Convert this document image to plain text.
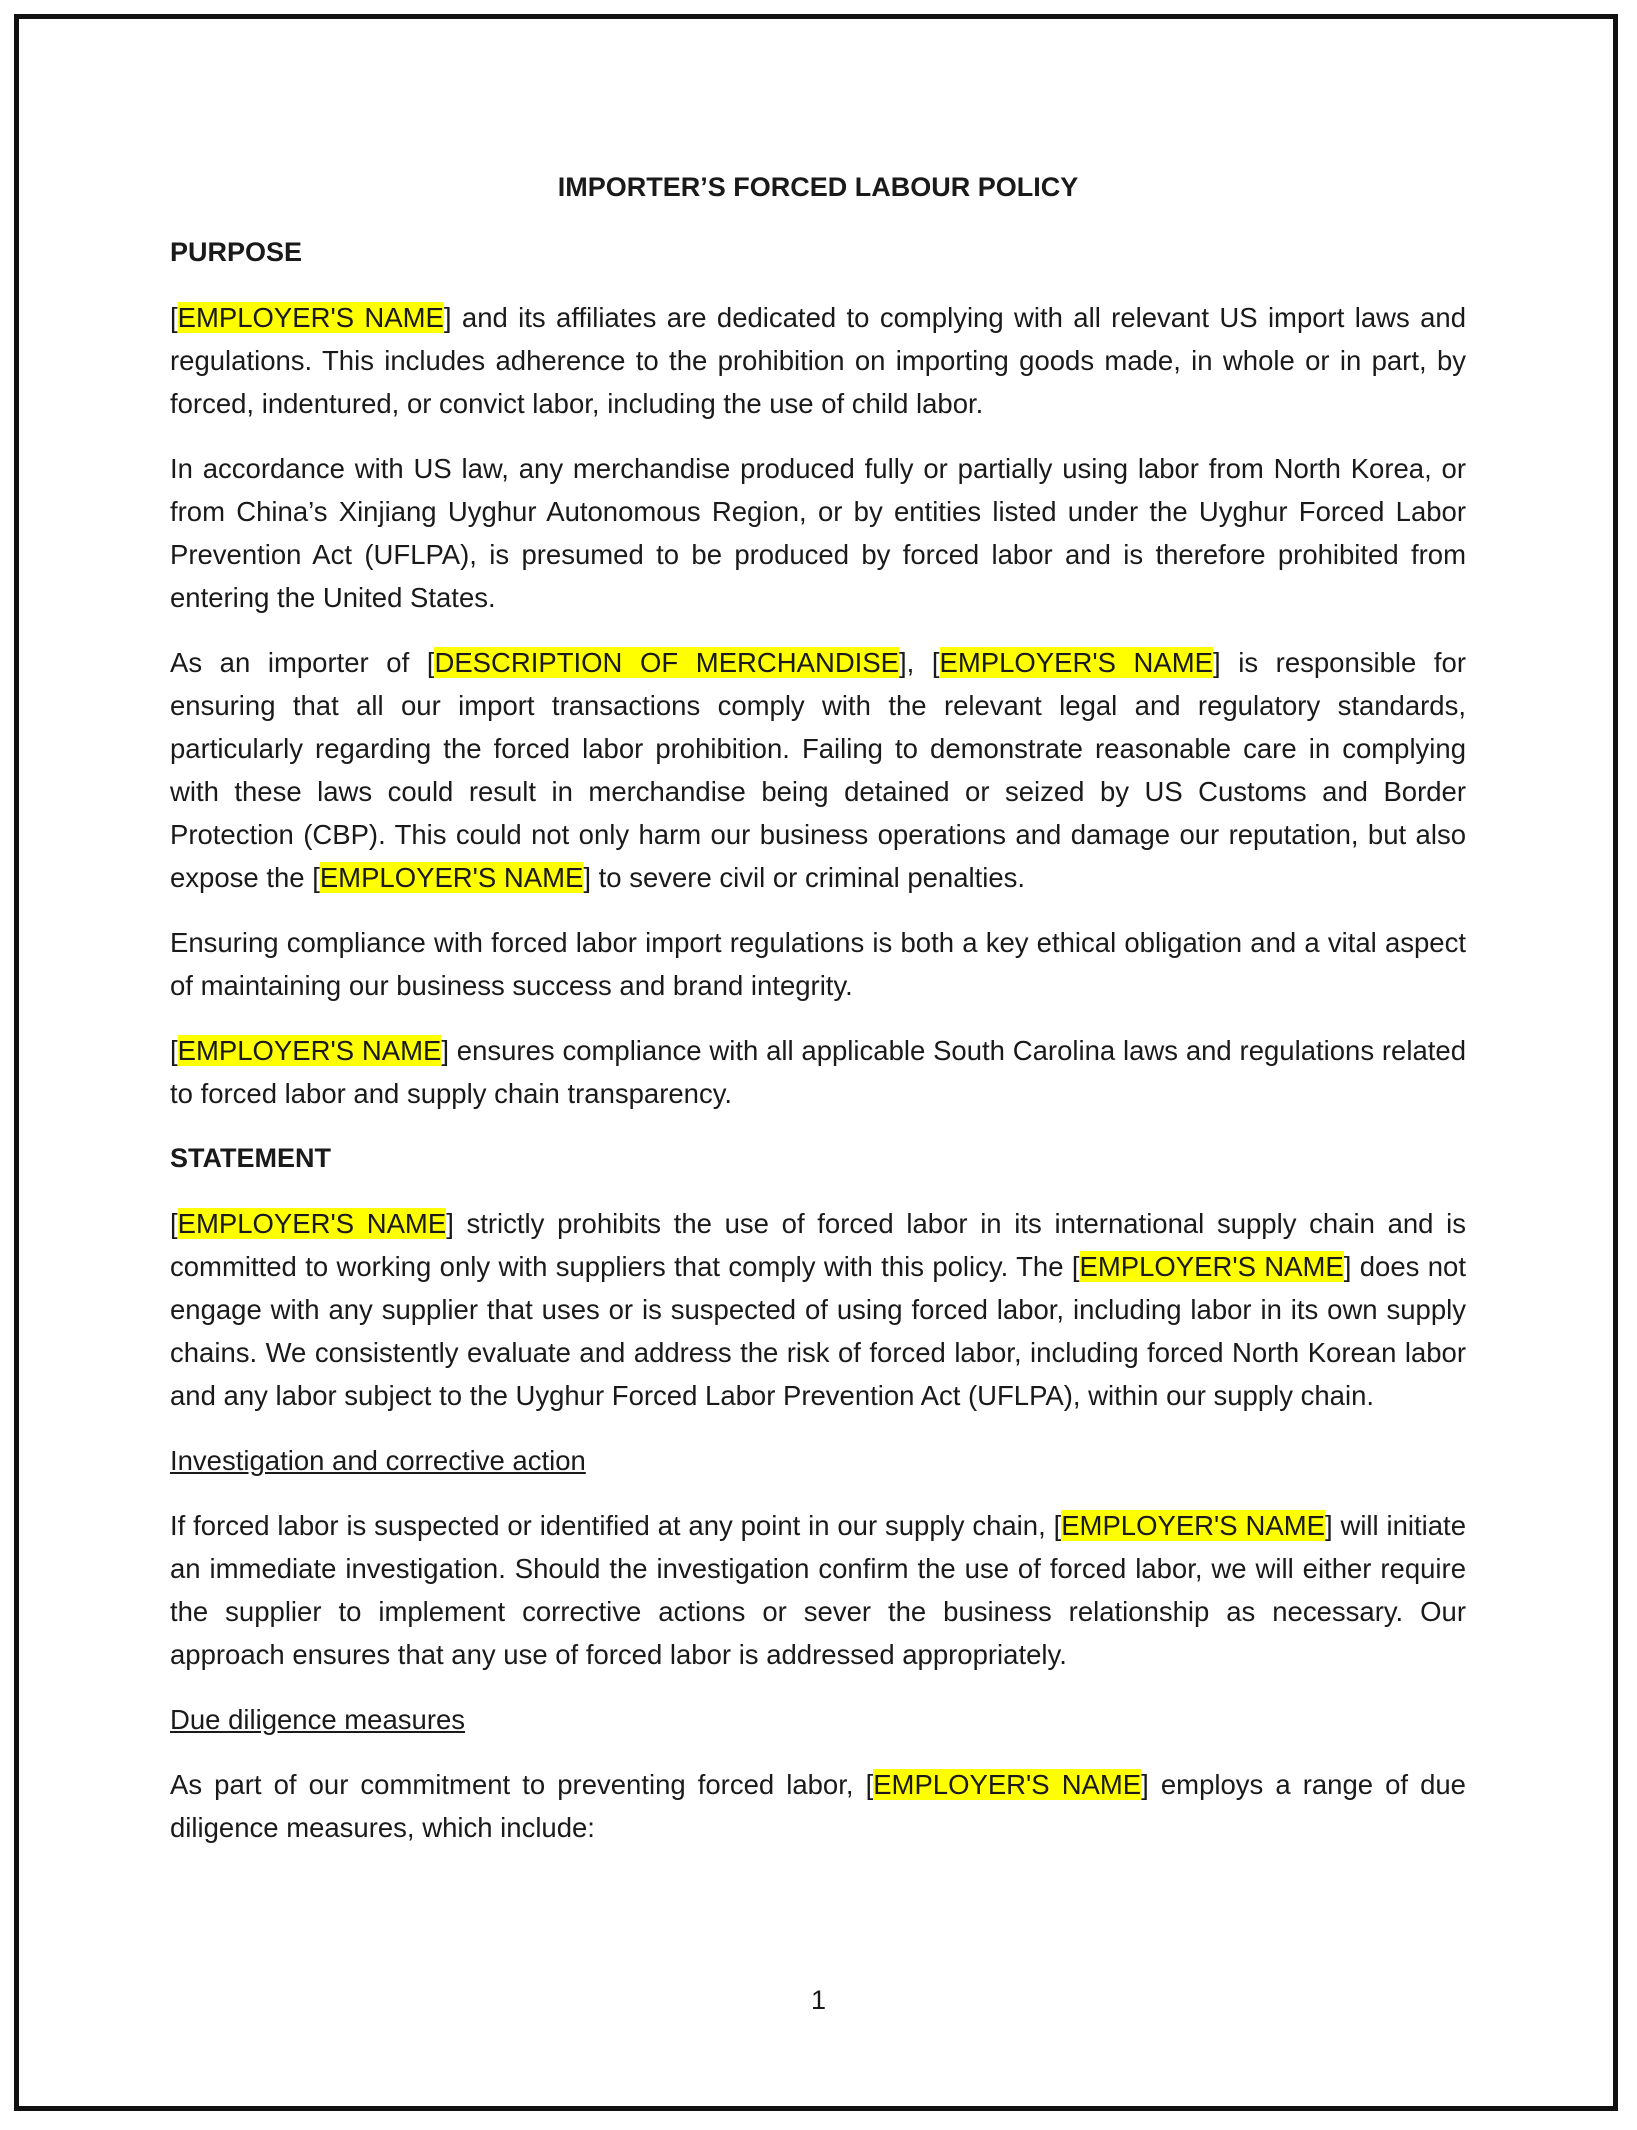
IMPORTER’S FORCED LABOUR POLICY
PURPOSE

[EMPLOYER'S NAME] and its affiliates are dedicated to complying with all relevant US import laws and regulations. This includes adherence to the prohibition on importing goods made, in whole or in part, by forced, indentured, or convict labor, including the use of child labor.

In accordance with US law, any merchandise produced fully or partially using labor from North Korea, or from China’s Xinjiang Uyghur Autonomous Region, or by entities listed under the Uyghur Forced Labor Prevention Act (UFLPA), is presumed to be produced by forced labor and is therefore prohibited from entering the United States.

As an importer of [DESCRIPTION OF MERCHANDISE], [EMPLOYER'S NAME] is responsible for ensuring that all our import transactions comply with the relevant legal and regulatory standards, particularly regarding the forced labor prohibition. Failing to demonstrate reasonable care in complying with these laws could result in merchandise being detained or seized by US Customs and Border Protection (CBP). This could not only harm our business operations and damage our reputation, but also expose the [EMPLOYER'S NAME] to severe civil or criminal penalties.

Ensuring compliance with forced labor import regulations is both a key ethical obligation and a vital aspect of maintaining our business success and brand integrity.

[EMPLOYER'S NAME] ensures compliance with all applicable South Carolina laws and regulations related to forced labor and supply chain transparency.

STATEMENT

[EMPLOYER'S NAME] strictly prohibits the use of forced labor in its international supply chain and is committed to working only with suppliers that comply with this policy. The [EMPLOYER'S NAME] does not engage with any supplier that uses or is suspected of using forced labor, including labor in its own supply chains. We consistently evaluate and address the risk of forced labor, including forced North Korean labor and any labor subject to the Uyghur Forced Labor Prevention Act (UFLPA), within our supply chain.

Investigation and corrective action

If forced labor is suspected or identified at any point in our supply chain, [EMPLOYER'S NAME] will initiate an immediate investigation. Should the investigation confirm the use of forced labor, we will either require the supplier to implement corrective actions or sever the business relationship as necessary. Our approach ensures that any use of forced labor is addressed appropriately.

Due diligence measures

As part of our commitment to preventing forced labor, [EMPLOYER'S NAME] employs a range of due diligence measures, which include:

1
